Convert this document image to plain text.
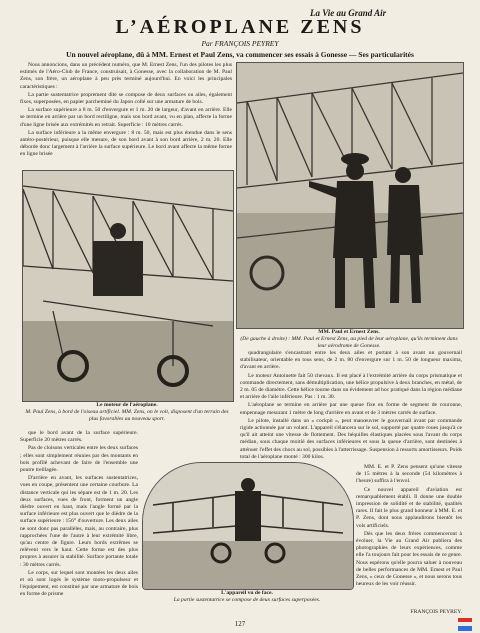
La Vie au Grand Air
L’AÉROPLANE ZENS
Par FRANÇOIS PEYREY
Un nouvel aéroplane, dû à MM. Ernest et Paul Zens, va commencer ses essais à Gonesse — Ses particularités

Nous annoncions, dans un précédent numéro, que M. Ernest Zens, l'un des pilotes les plus estimés de l'Aéro-Club de France, construisait, à Gonesse, avec la collaboration de M. Paul Zens, son frère, un aéroplane à peu près terminé aujourd'hui. En voici les principales caractéristiques :

La partie sustentatrice proprement dite se compose de deux surfaces ou ailes, également fixes, superposées, en papier parcheminé du Japon collé sur une armature de bois.

La surface supérieure a 8 m. 50 d'envergure et 1 m. 20 de largeur, d'avant en arrière. Elle se termine en arrière par un bord rectiligne, mais son bord avant, vu en plan, affecte la forme d'une ligne brisée aux extrémités en retrait. Superficie : 10 mètres carrés.

La surface inférieure a la même envergure : 8 m. 50, mais est plus étendue dans le sens antéro-postérieur, puisque elle mesure, de son bord avant à son bord arrière, 2 m. 20. Elle déborde donc largement à l'arrière la surface supérieure. Le bord avant affecte la même forme en ligne brisée

Le moteur de l'aéroplane.
M. Paul Zens, à bord de l'oiseau artificiel. MM. Zens, on le voit, disposent d'un terrain des plus favorables au nouveau sport.
MM. Paul et Ernest Zens.
(De gauche à droite) : MM. Paul et Ernest Zens, au pied de leur aéroplane, qu'ils terminent dans leur aérodrome de Gonesse.

quadrangulaire s'encastrant entre les deux ailes et portant à son avant un gouvernail stabilisateur, orientable en tous sens, de 2 m. 80 d'envergure sur 1 m. 50 de longueur maxima, d'avant en arrière.

Le moteur Antoinette fait 50 chevaux. Il est placé à l'extrémité arrière du corps prismatique et commande directement, sans démultiplication, une hélice propulsive à deux branches, en métal, de 2 m. 05 de diamètre. Cette hélice tourne dans un évidement ad hoc pratiqué dans la région médiane et arrière de l'aile inférieure. Pas : 1 m. 30.

L'aéroplane se termine en arrière par une queue fixe en forme de segment de couronne, empennage mesurant 1 mètre de long d'arrière en avant et de 3 mètres carrés de surface.

Le pilote, installé dans un « cockpit », peut manœuvrer le gouvernail avant par commande rigide actionnée par un volant. L'appareil s'élancera sur le sol, supporté par quatre roues jusqu'à ce qu'il ait atteint une vitesse de flottement. Des béquilles élastiques placées sous l'avant du corps médian, sous chaque moitié des surfaces inférieures et sous la queue d'arrière, sont destinées à atténuer l'effet des chocs au sol, possibles à l'atterrissage. Suspension à ressorts amortisseurs. Poids total de l'aéroplane monté : 300 kilos.

que le bord avant de la surface supérieure. Superficie 20 mètres carrés.

Pas de cloisons verticales entre les deux surfaces ; elles sont simplement réunies par des montants en bois profilé achevant de faire de l'ensemble une poutre treillagée.

D'arrière en avant, les surfaces sustentatrices, vues en coupe, présentent une certaine courbure. La distance verticale qui les sépare est de 1 m. 20. Les deux surfaces, vues de front, forment un angle dièdre ouvert en haut, mais l'angle formé par la surface inférieure est plus ouvert que le dièdre de la surface supérieure : 156° d'ouverture. Les deux ailes ne sont donc pas parallèles, mais, au contraire, plus rapprochées l'une de l'autre à leur extrémité libre, qu'au centre de figure. Leurs bords extrêmes se relèvent vers le haut. Cette forme est des plus propres à assurer la stabilité. Surface portante totale : 30 mètres carrés.

Le corps, sur lequel sont montées les deux ailes et où sont logés le système moto-propulseur et l'équipement, est constitué par une armature de bois en forme de prisme	L'appareil vu de face.
La partie sustentatrice se compose de deux surfaces superposées.

MM. E. et P. Zens pensent qu'une vitesse de 15 mètres à la seconde (54 kilomètres à l'heure) suffira à l'envol.

Ce nouvel appareil d'aviation est remarquablement établi. Il donne une double impression de solidité et de stabilité, qualités rares. Il fait le plus grand honneur à MM. E. et P. Zens, dont nous applaudirons bientôt les vols artificiels.

Dès que les deux frères commenceront à évoluer, la Vie au Grand Air publiera des photographies de leurs expériences, comme elle l'a toujours fait pour les essais de ce genre. Nous espérons qu'elle pourra saluer à nouveau de belles performances de MM. Ernest et Paul Zens, « ceux de Gonesse », et nous serons tous heureux de les voir réussir.

FRANÇOIS PEYREY.
127
